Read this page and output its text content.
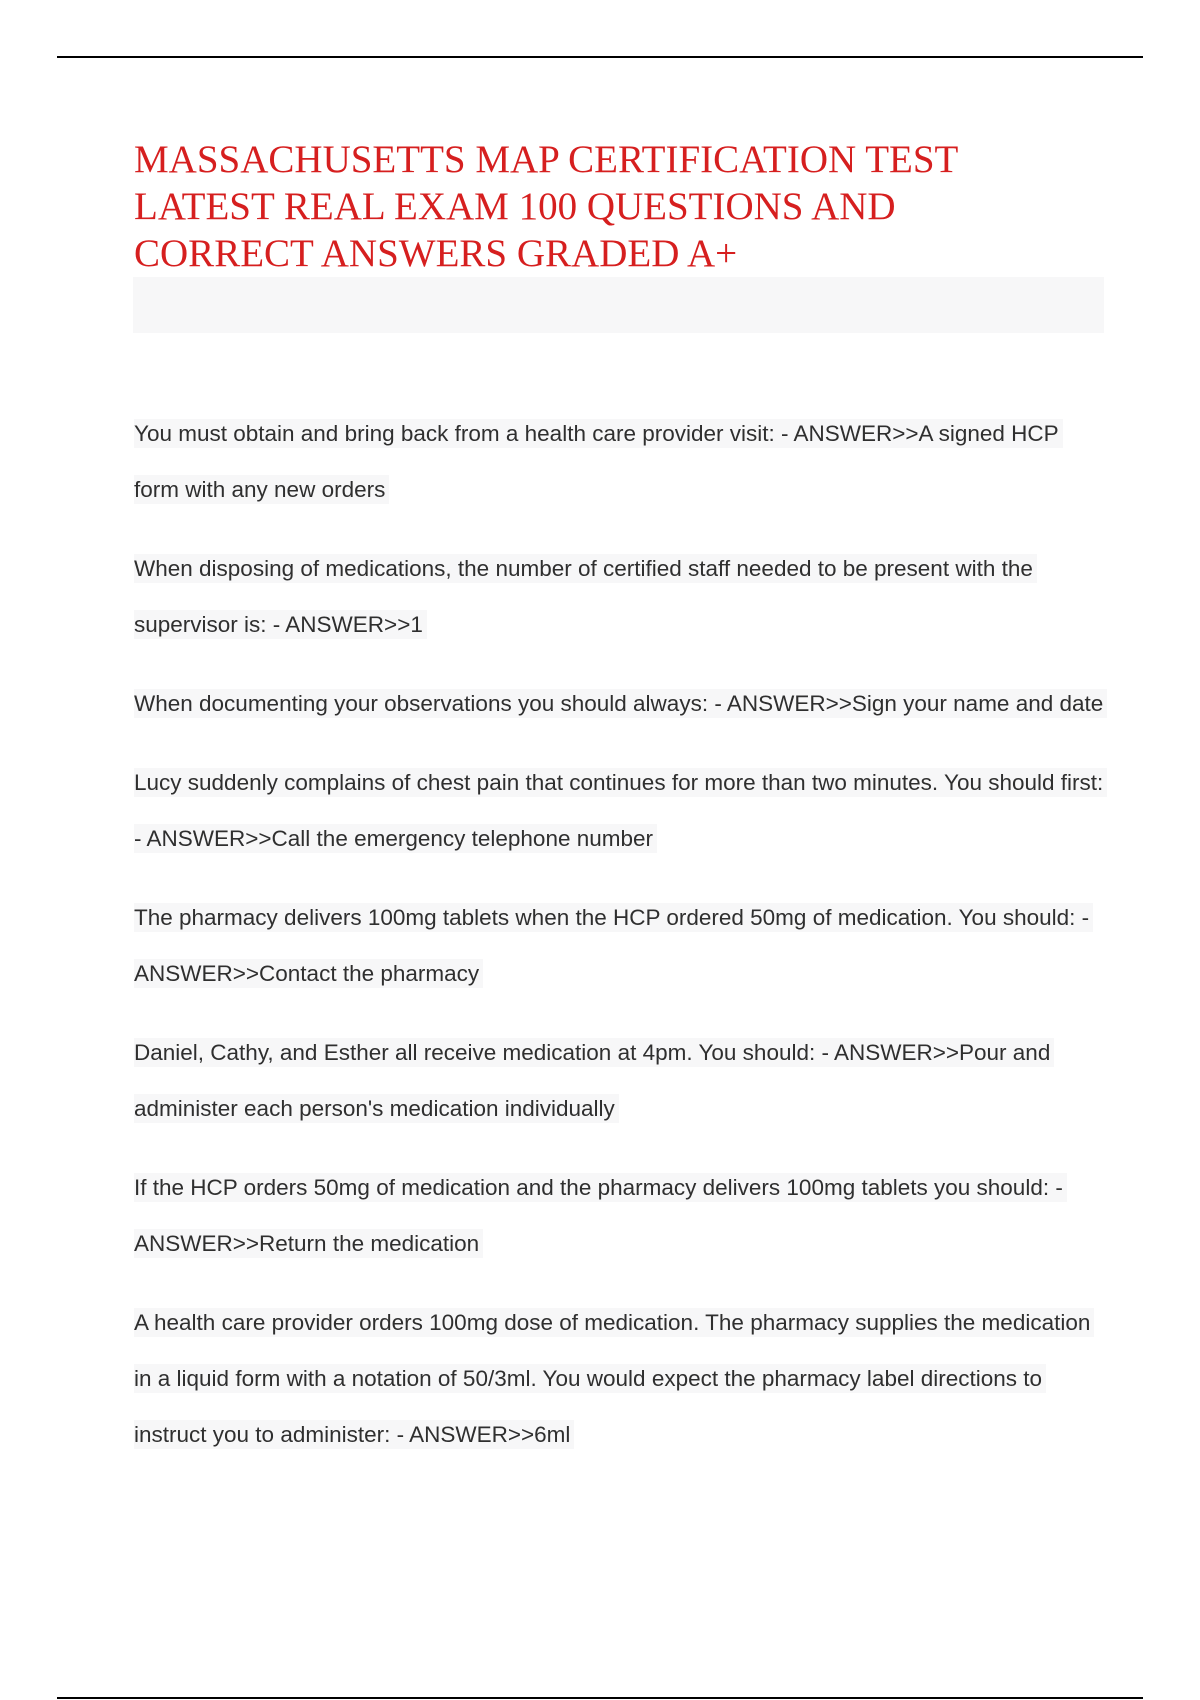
MASSACHUSETTS MAP CERTIFICATION TEST LATEST REAL EXAM 100 QUESTIONS AND CORRECT ANSWERS GRADED A+
You must obtain and bring back from a health care provider visit: - ANSWER>>A signed HCP form with any new orders
When disposing of medications, the number of certified staff needed to be present with the supervisor is: - ANSWER>>1
When documenting your observations you should always: - ANSWER>>Sign your name and date
Lucy suddenly complains of chest pain that continues for more than two minutes. You should first: - ANSWER>>Call the emergency telephone number
The pharmacy delivers 100mg tablets when the HCP ordered 50mg of medication. You should: - ANSWER>>Contact the pharmacy
Daniel, Cathy, and Esther all receive medication at 4pm. You should: - ANSWER>>Pour and administer each person's medication individually
If the HCP orders 50mg of medication and the pharmacy delivers 100mg tablets you should: - ANSWER>>Return the medication
A health care provider orders 100mg dose of medication. The pharmacy supplies the medication in a liquid form with a notation of 50/3ml. You would expect the pharmacy label directions to instruct you to administer: - ANSWER>>6ml
